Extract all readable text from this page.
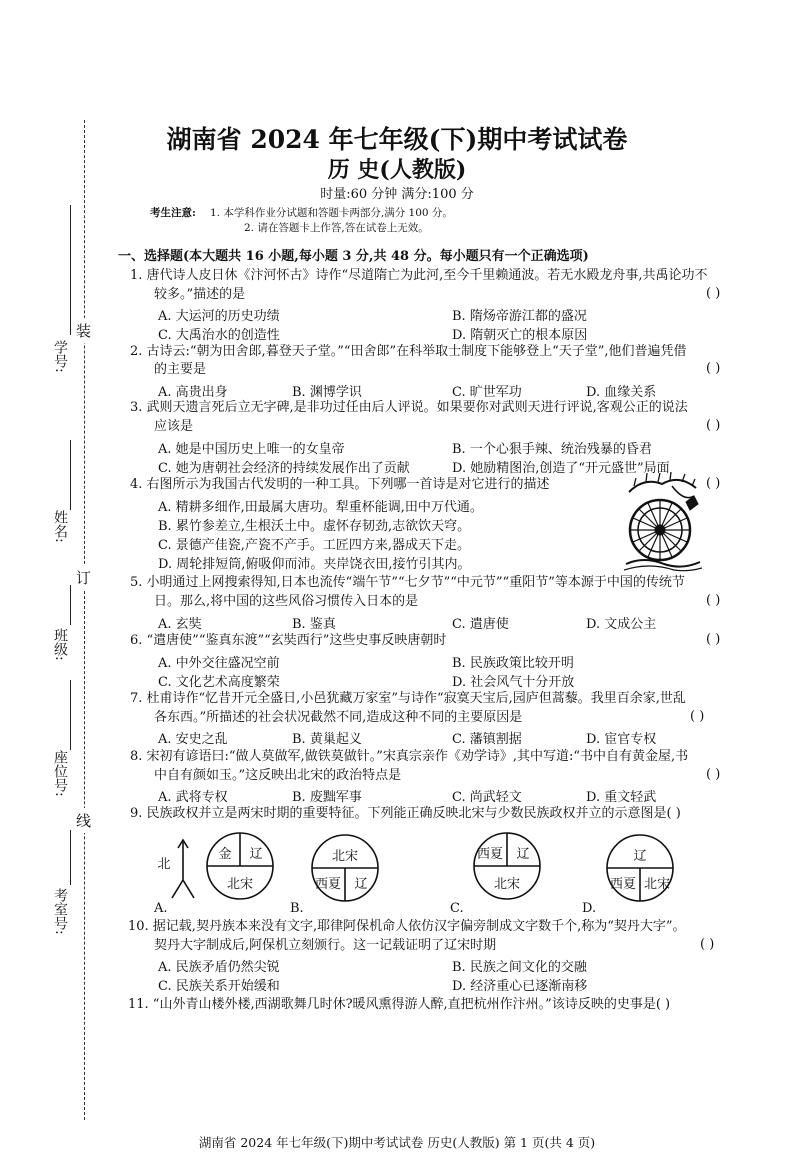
装
订
线
学号:
姓名:
班级:
座位号:
考室号:
湖南省 2024 年七年级(下)期中考试试卷
历 史(人教版)
时量:60 分钟 满分:100 分
考生注意: 1. 本学科作业分试题和答题卡两部分,满分 100 分。
2. 请在答题卡上作答,答在试卷上无效。
一、选择题(本大题共 16 小题,每小题 3 分,共 48 分。每小题只有一个正确选项)
1. 唐代诗人皮日休《汴河怀古》诗作“尽道隋亡为此河,至今千里赖通波。若无水殿龙舟事,共禹论功不
较多。”描述的是	( )
A. 大运河的历史功绩	B. 隋炀帝游江都的盛况
C. 大禹治水的创造性	D. 隋朝灭亡的根本原因
2. 古诗云:“朝为田舍郎,暮登天子堂。”“田舍郎”在科举取士制度下能够登上“天子堂”,他们普遍凭借
的主要是	( )
A. 高贵出身	B. 渊博学识	C. 旷世军功	D. 血缘关系
3. 武则天遗言死后立无字碑,是非功过任由后人评说。如果要你对武则天进行评说,客观公正的说法
应该是	( )
A. 她是中国历史上唯一的女皇帝	B. 一个心狠手辣、统治残暴的昏君
C. 她为唐朝社会经济的持续发展作出了贡献	D. 她励精图治,创造了“开元盛世”局面
4. 右图所示为我国古代发明的一种工具。下列哪一首诗是对它进行的描述	( )
A. 精耕多细作,田最属大唐功。犁重杯能调,田中万代通。
B. 累竹参差立,生根沃土中。虚怀存韧劲,志欲饮天穹。
C. 景德产佳瓷,产瓷不产手。工匠四方来,器成天下走。
D. 周轮排短筒,俯吸仰而沛。夹岸饶衣田,接竹引其内。
5. 小明通过上网搜索得知,日本也流传“端午节”“七夕节”“中元节”“重阳节”等本源于中国的传统节
日。那么,将中国的这些风俗习惯传入日本的是	( )
A. 玄奘	B. 鉴真	C. 遣唐使	D. 文成公主
6. “遣唐使”“鉴真东渡”“玄奘西行”这些史事反映唐朝时	( )
A. 中外交往盛况空前	B. 民族政策比较开明
C. 文化艺术高度繁荣	D. 社会风气十分开放
7. 杜甫诗作“忆昔开元全盛日,小邑犹藏万家室”与诗作“寂寞天宝后,园庐但蒿藜。我里百余家,世乱
各东西。”所描述的社会状况截然不同,造成这种不同的主要原因是	( )
A. 安史之乱	B. 黄巢起义	C. 藩镇割据	D. 宦官专权
8. 宋初有谚语曰:“做人莫做军,做铁莫做针。”宋真宗亲作《劝学诗》,其中写道:“书中自有黄金屋,书
中自有颜如玉。”这反映出北宋的政治特点是	( )
A. 武将专权	B. 废黜军事	C. 尚武轻文	D. 重文轻武
9. 民族政权并立是两宋时期的重要特征。下列能正确反映北宋与少数民族政权并立的示意图是( )
北
金 辽
北宋
北宋
西夏 辽
西夏 辽
北宋
辽
西夏 北宋
A.	B.	C.	D.
10. 据记载,契丹族本来没有文字,耶律阿保机命人依仿汉字偏旁制成文字数千个,称为“契丹大字”。
契丹大字制成后,阿保机立刻颁行。这一记载证明了辽宋时期	( )
A. 民族矛盾仍然尖锐	B. 民族之间文化的交融
C. 民族关系开始缓和	D. 经济重心已逐渐南移
11. “山外青山楼外楼,西湖歌舞几时休?暖风熏得游人醉,直把杭州作汴州。”该诗反映的史事是( )
湖南省 2024 年七年级(下)期中考试试卷 历史(人教版) 第 1 页(共 4 页)
